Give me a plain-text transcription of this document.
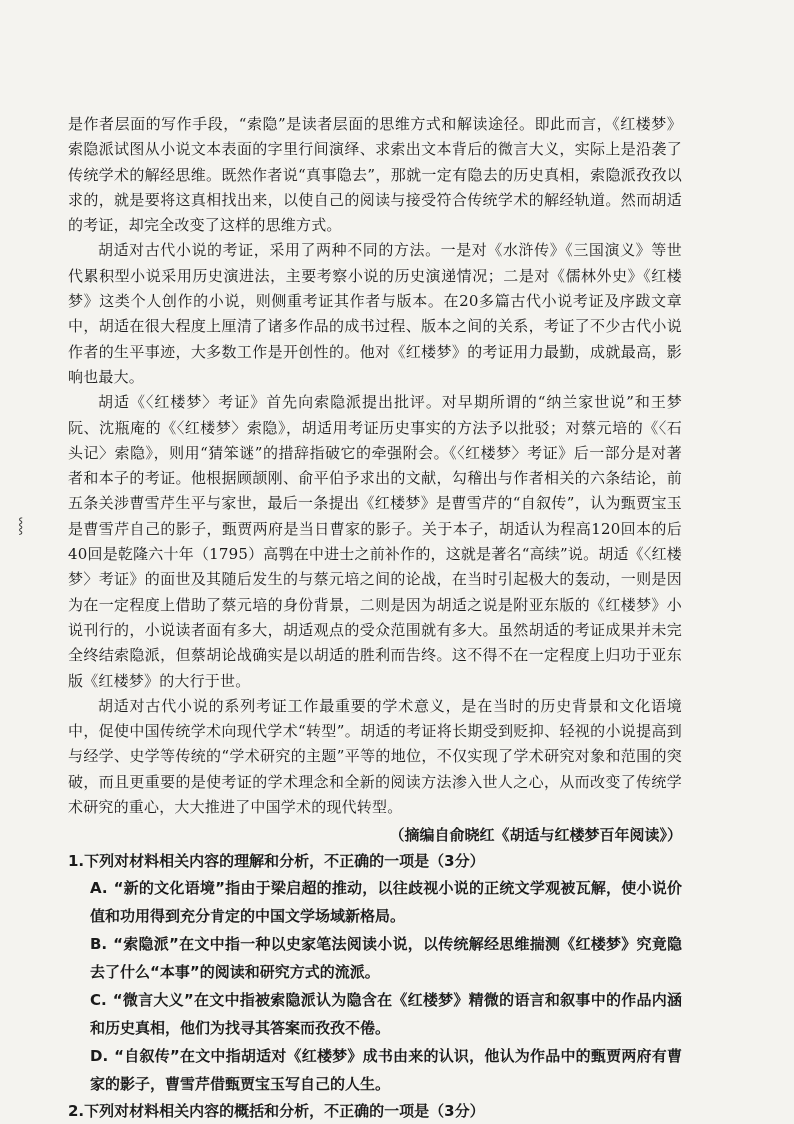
⸾

是作者层面的写作手段，“索隐”是读者层面的思维方式和解读途径。即此而言，《红楼梦》索隐派试图从小说文本表面的字里行间演绎、求索出文本背后的微言大义，实际上是沿袭了传统学术的解经思维。既然作者说“真事隐去”，那就一定有隐去的历史真相，索隐派孜孜以求的，就是要将这真相找出来，以使自己的阅读与接受符合传统学术的解经轨道。然而胡适的考证，却完全改变了这样的思维方式。

胡适对古代小说的考证，采用了两种不同的方法。一是对《水浒传》《三国演义》等世代累积型小说采用历史演进法，主要考察小说的历史演递情况；二是对《儒林外史》《红楼梦》这类个人创作的小说，则侧重考证其作者与版本。在20多篇古代小说考证及序跋文章中，胡适在很大程度上厘清了诸多作品的成书过程、版本之间的关系，考证了不少古代小说作者的生平事迹，大多数工作是开创性的。他对《红楼梦》的考证用力最勤，成就最高，影响也最大。

胡适《〈红楼梦〉考证》首先向索隐派提出批评。对早期所谓的“纳兰家世说”和王梦阮、沈瓶庵的《〈红楼梦〉索隐》，胡适用考证历史事实的方法予以批驳；对蔡元培的《〈石头记〉索隐》，则用“猜笨谜”的措辞指破它的牵强附会。《〈红楼梦〉考证》后一部分是对著者和本子的考证。他根据顾颉刚、俞平伯予求出的文献，勾稽出与作者相关的六条结论，前五条关涉曹雪芹生平与家世，最后一条提出《红楼梦》是曹雪芹的“自叙传”，认为甄贾宝玉是曹雪芹自己的影子，甄贾两府是当日曹家的影子。关于本子，胡适认为程高120回本的后40回是乾隆六十年（1795）高鹗在中进士之前补作的，这就是著名“高续”说。胡适《〈红楼梦〉考证》的面世及其随后发生的与蔡元培之间的论战，在当时引起极大的轰动，一则是因为在一定程度上借助了蔡元培的身份背景，二则是因为胡适之说是附亚东版的《红楼梦》小说刊行的，小说读者面有多大，胡适观点的受众范围就有多大。虽然胡适的考证成果并未完全终结索隐派，但蔡胡论战确实是以胡适的胜利而告终。这不得不在一定程度上归功于亚东版《红楼梦》的大行于世。

胡适对古代小说的系列考证工作最重要的学术意义，是在当时的历史背景和文化语境中，促使中国传统学术向现代学术“转型”。胡适的考证将长期受到贬抑、轻视的小说提高到与经学、史学等传统的“学术研究的主题”平等的地位，不仅实现了学术研究对象和范围的突破，而且更重要的是使考证的学术理念和全新的阅读方法渗入世人之心，从而改变了传统学术研究的重心，大大推进了中国学术的现代转型。

（摘编自俞晓红《胡适与红楼梦百年阅读》）

1.下列对材料相关内容的理解和分析，不正确的一项是（3分）

A. “新的文化语境”指由于梁启超的推动，以往歧视小说的正统文学观被瓦解，使小说价值和功用得到充分肯定的中国文学场域新格局。

B. “索隐派”在文中指一种以史家笔法阅读小说，以传统解经思维揣测《红楼梦》究竟隐去了什么“本事”的阅读和研究方式的流派。

C. “微言大义”在文中指被索隐派认为隐含在《红楼梦》精微的语言和叙事中的作品内涵和历史真相，他们为找寻其答案而孜孜不倦。

D. “自叙传”在文中指胡适对《红楼梦》成书由来的认识，他认为作品中的甄贾两府有曹家的影子，曹雪芹借甄贾宝玉写自己的人生。

2.下列对材料相关内容的概括和分析，不正确的一项是（3分）
